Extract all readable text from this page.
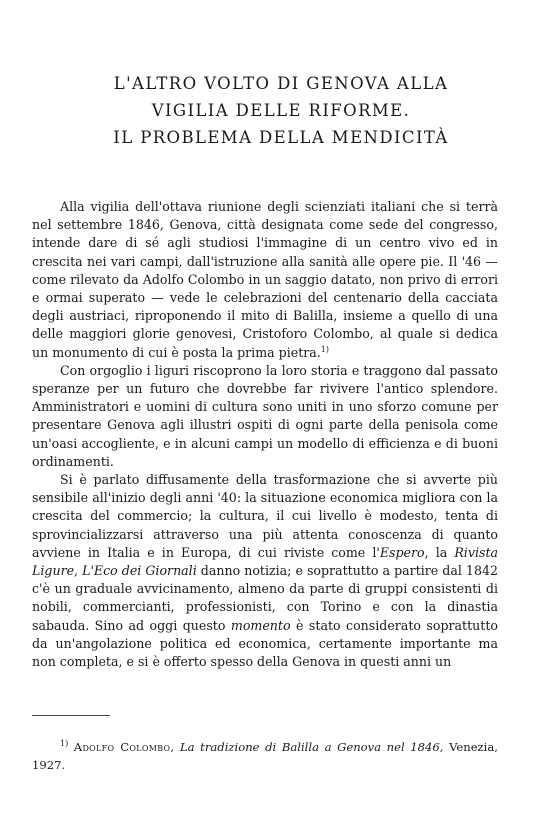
L'ALTRO VOLTO DI GENOVA ALLA
VIGILIA DELLE RIFORME.
IL PROBLEMA DELLA MENDICITÀ

Alla vigilia dell'ottava riunione degli scienziati italiani che si terrà nel settembre 1846, Genova, città designata come sede del congresso, intende dare di sé agli studiosi l'immagine di un centro vivo ed in crescita nei vari campi, dall'istruzione alla sanità alle opere pie. Il '46 — come rilevato da Adolfo Colombo in un saggio datato, non privo di errori e ormai superato — vede le celebrazioni del centenario della cacciata degli austriaci, riproponendo il mito di Balilla, insieme a quello di una delle maggiori glorie genovesi, Cristoforo Colombo, al quale si dedica un monumento di cui è posta la prima pietra.$^{1)}$

Con orgoglio i liguri riscoprono la loro storia e traggono dal passato speranze per un futuro che dovrebbe far rivivere l'antico splendore. Amministratori e uomini di cultura sono uniti in uno sforzo comune per presentare Genova agli illustri ospiti di ogni parte della penisola come un'oasi accogliente, e in alcuni campi un modello di efficienza e di buoni ordinamenti.

Si è parlato diffusamente della trasformazione che si avverte più sensibile all'inizio degli anni '40: la situazione economica migliora con la crescita del commercio; la cultura, il cui livello è modesto, tenta di sprovincializzarsi attraverso una più attenta conoscenza di quanto avviene in Italia e in Europa, di cui riviste come l'Espero, la Rivista Ligure, L'Eco dei Giornali danno notizia; e soprattutto a partire dal 1842 c'è un graduale avvicinamento, almeno da parte di gruppi consistenti di nobili, commercianti, professionisti, con Torino e con la dinastia sabauda. Sino ad oggi questo momento è stato considerato soprattutto da un'angolazione politica ed economica, certamente importante ma non completa, e si è offerto spesso della Genova in questi anni un

$^{1)}$ Adolfo Colombo, La tradizione di Balilla a Genova nel 1846, Venezia, 1927.
